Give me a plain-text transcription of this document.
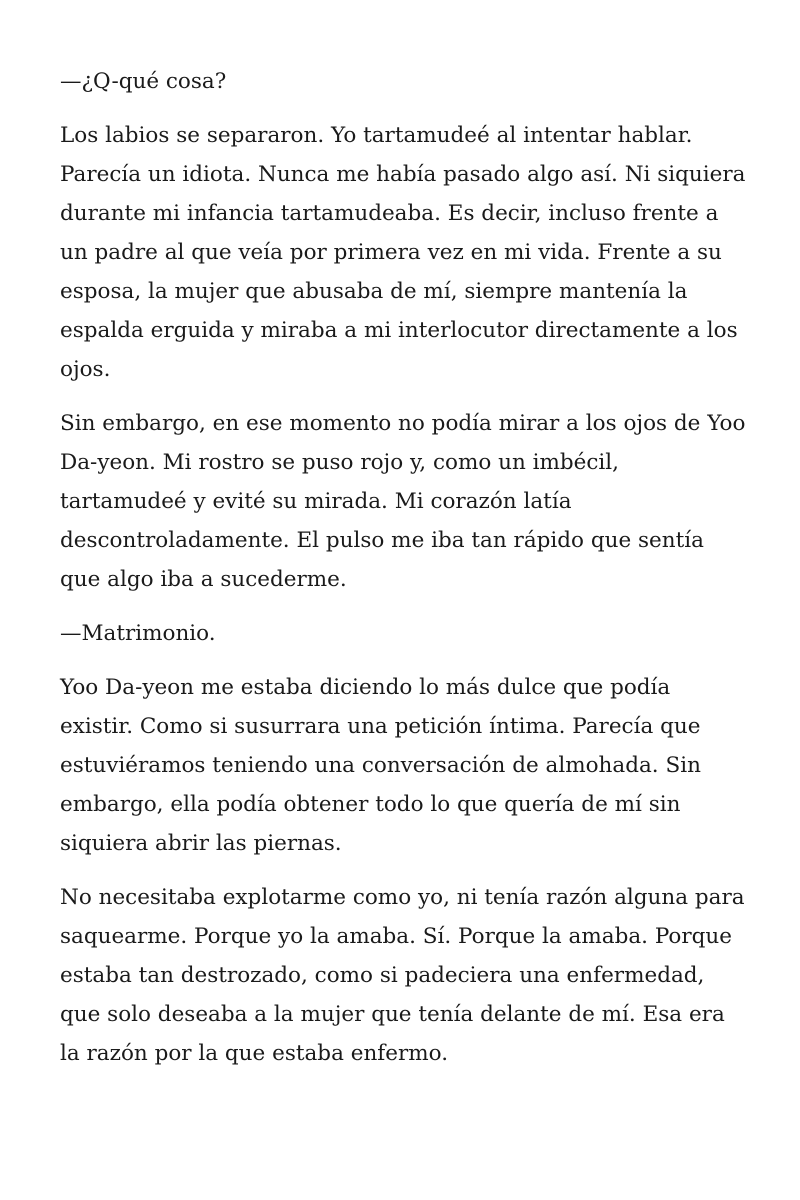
—¿Q-qué cosa?

Los labios se separaron. Yo tartamudeé al intentar hablar. Parecía un idiota. Nunca me había pasado algo así. Ni siquiera durante mi infancia tartamudeaba. Es decir, incluso frente a un padre al que veía por primera vez en mi vida. Frente a su esposa, la mujer que abusaba de mí, siempre mantenía la espalda erguida y miraba a mi interlocutor directamente a los ojos.

Sin embargo, en ese momento no podía mirar a los ojos de Yoo Da-yeon. Mi rostro se puso rojo y, como un imbécil, tartamudeé y evité su mirada. Mi corazón latía descontroladamente. El pulso me iba tan rápido que sentía que algo iba a sucederme.

—Matrimonio.

Yoo Da-yeon me estaba diciendo lo más dulce que podía existir. Como si susurrara una petición íntima. Parecía que estuviéramos teniendo una conversación de almohada. Sin embargo, ella podía obtener todo lo que quería de mí sin siquiera abrir las piernas.

No necesitaba explotarme como yo, ni tenía razón alguna para saquearme. Porque yo la amaba. Sí. Porque la amaba. Porque estaba tan destrozado, como si padeciera una enfermedad, que solo deseaba a la mujer que tenía delante de mí. Esa era la razón por la que estaba enfermo.
